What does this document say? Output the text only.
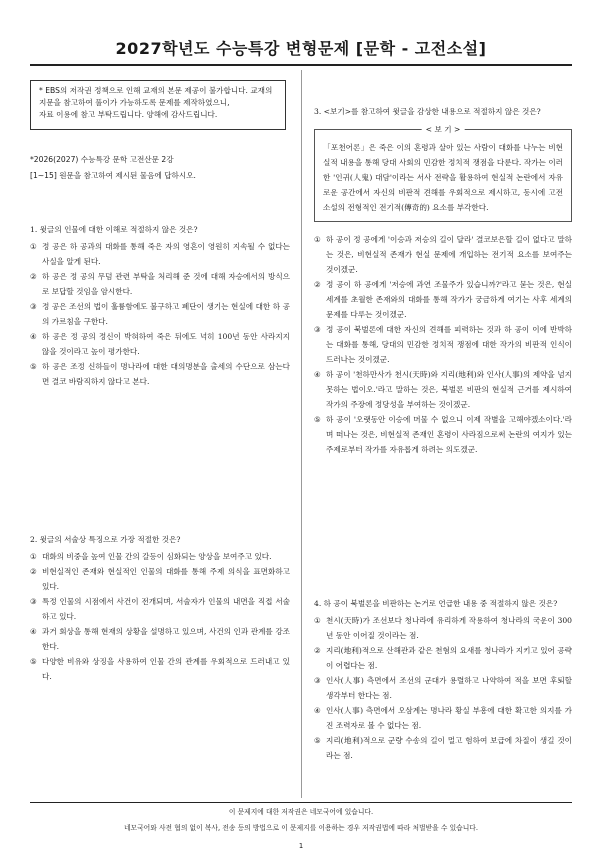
2027학년도 수능특강 변형문제 [문학 - 고전소설]

* EBS의 저작권 정책으로 인해 교재의 본문 제공이 불가합니다. 교재의

지문을 참고하여 풀이가 가능하도록 문제를 제작하였으니,

자료 이용에 참고 부탁드립니다. 양해에 감사드립니다.

*2026(2027) 수능특강 문학 고전산문 2강
[1~15] 원문을 참고하여 제시된 물음에 답하시오.

1. 윗글의 인물에 대한 이해로 적절하지 않은 것은?

① 정 공은 하 공과의 대화를 통해 죽은 자의 영혼이 영원히 지속될 수 없다는 사실을 알게 된다.
② 하 공은 정 공의 무덤 관련 부탁을 처리해 준 것에 대해 자승에서의 방식으로 보답할 것임을 암시한다.
③ 정 공은 조선의 법이 훌륭함에도 불구하고 폐단이 생기는 현실에 대한 하 공의 가르침을 구한다.
④ 하 공은 정 공의 정신이 박혀하여 죽은 뒤에도 넉히 100년 동안 사라지지 않을 것이라고 높이 평가한다.
⑤ 하 공은 조정 신하들이 명나라에 대한 대의명분을 출세의 수단으로 삼는다면 결코 바람직하지 않다고 본다.

2. 윗글의 서술상 특징으로 가장 적절한 것은?

① 대화의 비중을 높여 인물 간의 갈등이 심화되는 양상을 보여주고 있다.
② 비현실적인 존재와 현실적인 인물의 대화를 통해 주제 의식을 표면화하고 있다.
③ 특정 인물의 시점에서 사건이 전개되며, 서술자가 인물의 내면을 직접 서술하고 있다.
④ 과거 회상을 통해 현재의 상황을 설명하고 있으며, 사건의 인과 관계를 강조한다.
⑤ 다양한 비유와 상징을 사용하여 인물 간의 관계를 우회적으로 드러내고 있다.

3. <보기>를 참고하여 윗글을 감상한 내용으로 적절하지 않은 것은?

< 보 기 >
「포천어론」은 죽은 이의 혼령과 살아 있는 사람이 대화를 나누는 비현실적 내용을 통해 당대 사회의 민감한 정치적 쟁점을 다룬다. 작가는 이러한 '인귀(人鬼) 대담'이라는 서사 전략을 활용하여 현실적 논란에서 자유로운 공간에서 자신의 비판적 견해를 우회적으로 제시하고, 동시에 고전소설의 전형적인 전기적(傳奇的) 요소를 부각한다.
① 하 공이 정 공에게 '이승과 저승의 길이 달라' 결코보은할 길이 없다고 말하는 것은, 비현실적 존재가 현실 문제에 개입하는 전기적 요소를 보여주는 것이겠군.
② 정 공이 하 공에게 '저승에 과연 조물주가 있습니까?'라고 묻는 것은, 현실 세계를 초월한 존재와의 대화를 통해 작가가 궁금하게 여기는 사후 세계의 문제를 다루는 것이겠군.
③ 정 공이 북벌론에 대한 자신의 견해를 피력하는 것과 하 공이 이에 반박하는 대화를 통해, 당대의 민감한 정치적 쟁점에 대한 작가의 비판적 인식이 드러나는 것이겠군.
④ 하 공이 '천하만사가 천시(天時)와 지리(地利)와 인사(人事)의 제약을 넘지 못하는 법이오.'라고 말하는 것은, 북벌론 비판의 현실적 근거를 제시하여 작가의 주장에 정당성을 부여하는 것이겠군.
⑤ 하 공이 '오랫동안 이승에 머물 수 없으니 이제 작별을 고해야겠소이다.'라며 떠나는 것은, 비현실적 존재인 혼령이 사라짐으로써 논란의 여지가 있는 주제로부터 작가를 자유롭게 하려는 의도겠군.

4. 하 공이 북벌론을 비판하는 논거로 언급한 내용 중 적절하지 않은 것은?

① 천시(天時)가 조선보다 청나라에 유리하게 작용하여 청나라의 국운이 300년 동안 이어질 것이라는 점.
② 지리(地利)적으로 산해관과 같은 천혐의 요새를 청나라가 지키고 있어 공략이 어렵다는 점.
③ 인사(人事) 측면에서 조선의 군대가 용렬하고 나약하여 적을 보면 후퇴할 생각부터 한다는 점.
④ 인사(人事) 측면에서 오삼계는 명나라 황실 부흥에 대한 확고한 의지를 가진 조력자로 볼 수 없다는 점.
⑤ 지리(地利)적으로 군량 수송의 길이 멀고 험하여 보급에 차질이 생길 것이라는 점.
이 문제지에 대한 저작권은 네모국어에 있습니다.
네모국어와 사전 협의 없이 복사, 전송 등의 방법으로 이 문제지를 이용하는 경우 저작권법에 따라 처벌받을 수 있습니다.
1
